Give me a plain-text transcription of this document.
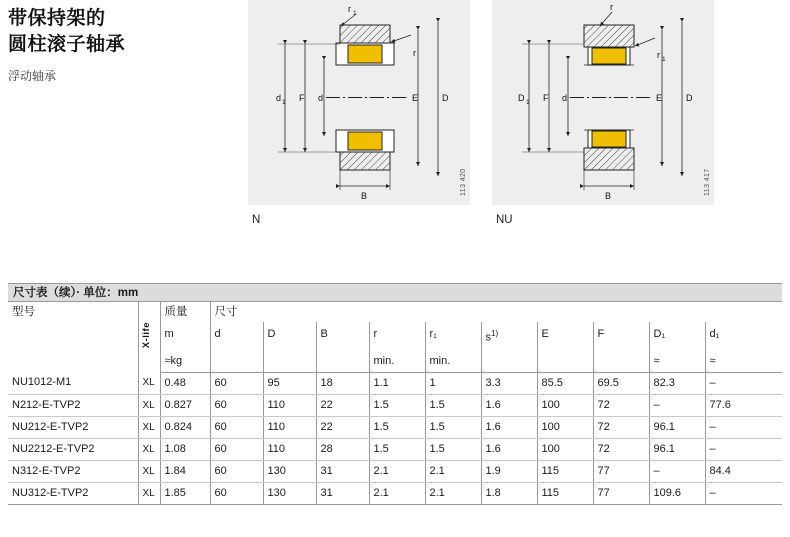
带保持架的
圆柱滚子轴承
浮动轴承
r 1
r
d 1 F d	E	D
B	113 420
N
r
r 1
D 1 F d	E	D
B	113 417
NU
尺寸表（续）· 单位：mm
型号		质量	尺寸									
	X-life	m	d	D	B	r	r₁	$s^{1)}$	E	F	D₁	d₁
		≈kg				min.	min.				≈	≈
NU1012-M1	XL	0.48	60	95	18	1.1	1	3.3	85.5	69.5	82.3	–
N212-E-TVP2	XL	0.827	60	110	22	1.5	1.5	1.6	100	72	–	77.6
NU212-E-TVP2	XL	0.824	60	110	22	1.5	1.5	1.6	100	72	96.1	–
NU2212-E-TVP2	XL	1.08	60	110	28	1.5	1.5	1.6	100	72	96.1	–
N312-E-TVP2	XL	1.84	60	130	31	2.1	2.1	1.9	115	77	–	84.4
NU312-E-TVP2	XL	1.85	60	130	31	2.1	2.1	1.8	115	77	109.6	–
